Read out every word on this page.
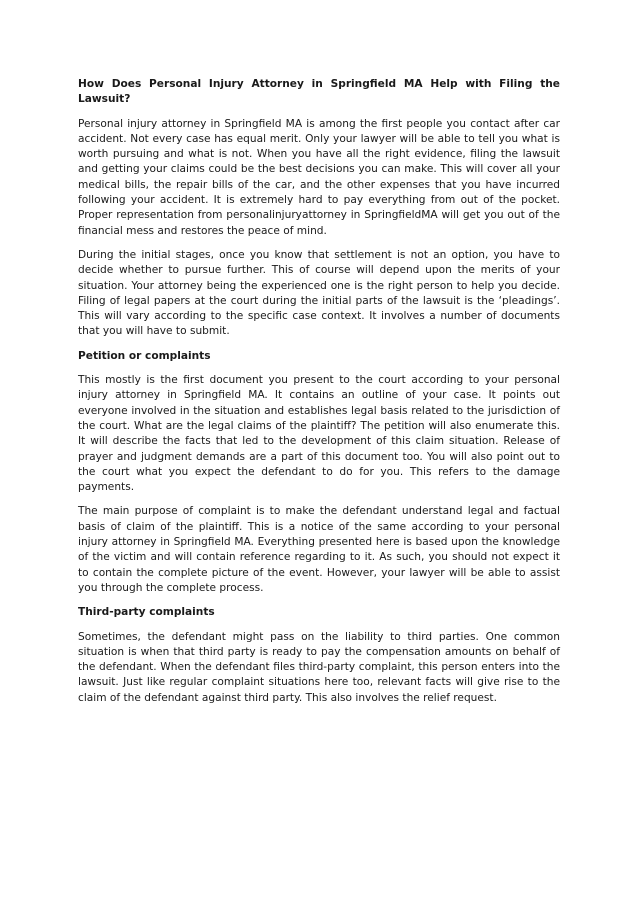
How Does Personal Injury Attorney in Springfield MA Help with Filing the Lawsuit?

Personal injury attorney in Springfield MA is among the first people you contact after car accident. Not every case has equal merit. Only your lawyer will be able to tell you what is worth pursuing and what is not. When you have all the right evidence, filing the lawsuit and getting your claims could be the best decisions you can make. This will cover all your medical bills, the repair bills of the car, and the other expenses that you have incurred following your accident. It is extremely hard to pay everything from out of the pocket. Proper representation from personalinjuryattorney in SpringfieldMA will get you out of the financial mess and restores the peace of mind.

During the initial stages, once you know that settlement is not an option, you have to decide whether to pursue further. This of course will depend upon the merits of your situation. Your attorney being the experienced one is the right person to help you decide. Filing of legal papers at the court during the initial parts of the lawsuit is the ‘pleadings’. This will vary according to the specific case context. It involves a number of documents that you will have to submit.

Petition or complaints

This mostly is the first document you present to the court according to your personal injury attorney in Springfield MA. It contains an outline of your case. It points out everyone involved in the situation and establishes legal basis related to the jurisdiction of the court. What are the legal claims of the plaintiff? The petition will also enumerate this. It will describe the facts that led to the development of this claim situation. Release of prayer and judgment demands are a part of this document too. You will also point out to the court what you expect the defendant to do for you. This refers to the damage payments.

The main purpose of complaint is to make the defendant understand legal and factual basis of claim of the plaintiff. This is a notice of the same according to your personal injury attorney in Springfield MA. Everything presented here is based upon the knowledge of the victim and will contain reference regarding to it. As such, you should not expect it to contain the complete picture of the event. However, your lawyer will be able to assist you through the complete process.

Third-party complaints

Sometimes, the defendant might pass on the liability to third parties. One common situation is when that third party is ready to pay the compensation amounts on behalf of the defendant. When the defendant files third-party complaint, this person enters into the lawsuit. Just like regular complaint situations here too, relevant facts will give rise to the claim of the defendant against third party. This also involves the relief request.
